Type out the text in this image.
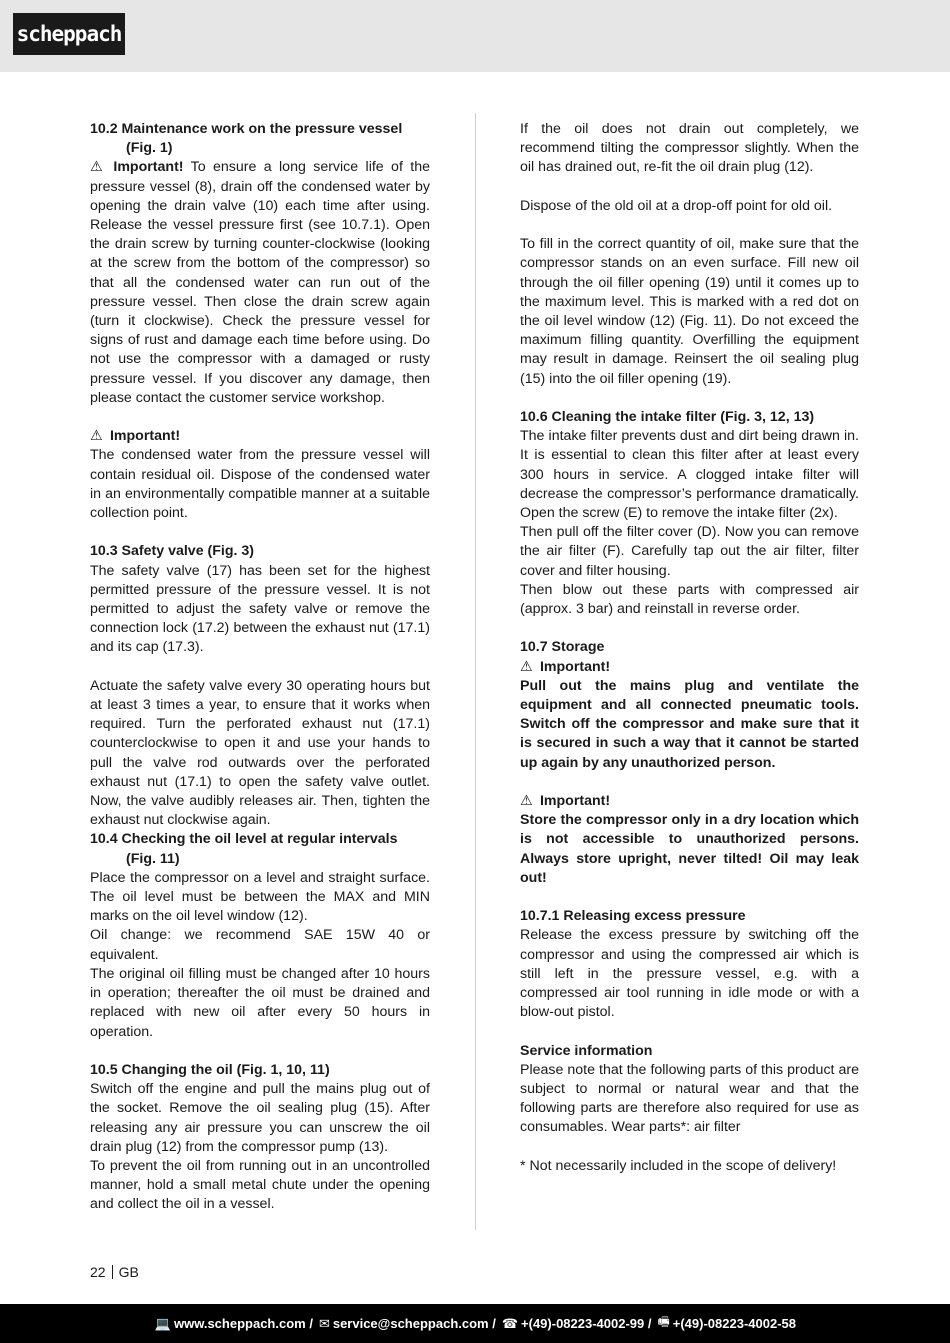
scheppach

10.2 Maintenance work on the pressure vessel

(Fig. 1)

⚠ Important! To ensure a long service life of the pressure vessel (8), drain off the condensed water by opening the drain valve (10) each time after using. Release the vessel pressure first (see 10.7.1). Open the drain screw by turning counter-clockwise (looking at the screw from the bottom of the compressor) so that all the condensed water can run out of the pressure vessel. Then close the drain screw again (turn it clockwise). Check the pressure vessel for signs of rust and damage each time before using. Do not use the compressor with a damaged or rusty pressure vessel. If you discover any damage, then please contact the customer service workshop.

⚠ Important!

The condensed water from the pressure vessel will contain residual oil. Dispose of the condensed water in an environmentally compatible manner at a suitable collection point.

10.3 Safety valve (Fig. 3)

The safety valve (17) has been set for the highest permitted pressure of the pressure vessel. It is not permitted to adjust the safety valve or remove the connection lock (17.2) between the exhaust nut (17.1) and its cap (17.3).

Actuate the safety valve every 30 operating hours but at least 3 times a year, to ensure that it works when required. Turn the perforated exhaust nut (17.1) counterclockwise to open it and use your hands to pull the valve rod outwards over the perforated exhaust nut (17.1) to open the safety valve outlet. Now, the valve audibly releases air. Then, tighten the exhaust nut clockwise again.

10.4 Checking the oil level at regular intervals

(Fig. 11)

Place the compressor on a level and straight surface. The oil level must be between the MAX and MIN marks on the oil level window (12).

Oil change: we recommend SAE 15W 40 or equivalent.

The original oil filling must be changed after 10 hours in operation; thereafter the oil must be drained and replaced with new oil after every 50 hours in operation.

10.5 Changing the oil (Fig. 1, 10, 11)

Switch off the engine and pull the mains plug out of the socket. Remove the oil sealing plug (15). After releasing any air pressure you can unscrew the oil drain plug (12) from the compressor pump (13).

To prevent the oil from running out in an uncontrolled manner, hold a small metal chute under the opening and collect the oil in a vessel.

If the oil does not drain out completely, we recommend tilting the compressor slightly. When the oil has drained out, re-fit the oil drain plug (12).

Dispose of the old oil at a drop-off point for old oil.

To fill in the correct quantity of oil, make sure that the compressor stands on an even surface. Fill new oil through the oil filler opening (19) until it comes up to the maximum level. This is marked with a red dot on the oil level window (12) (Fig. 11). Do not exceed the maximum filling quantity. Overfilling the equipment may result in damage. Reinsert the oil sealing plug (15) into the oil filler opening (19).

10.6 Cleaning the intake filter (Fig. 3, 12, 13)

The intake filter prevents dust and dirt being drawn in. It is essential to clean this filter after at least every 300 hours in service. A clogged intake filter will decrease the compressor’s performance dramatically. Open the screw (E) to remove the intake filter (2x).

Then pull off the filter cover (D). Now you can remove the air filter (F). Carefully tap out the air filter, filter cover and filter housing.

Then blow out these parts with compressed air (approx. 3 bar) and reinstall in reverse order.

10.7 Storage

⚠ Important!

Pull out the mains plug and ventilate the equipment and all connected pneumatic tools. Switch off the compressor and make sure that it is secured in such a way that it cannot be started up again by any unauthorized person.

⚠ Important!

Store the compressor only in a dry location which is not accessible to unauthorized persons. Always store upright, never tilted! Oil may leak out!

10.7.1 Releasing excess pressure

Release the excess pressure by switching off the compressor and using the compressed air which is still left in the pressure vessel, e.g. with a compressed air tool running in idle mode or with a blow-out pistol.

Service information

Please note that the following parts of this product are subject to normal or natural wear and that the following parts are therefore also required for use as consumables. Wear parts*: air filter

* Not necessarily included in the scope of delivery!

22 GB
💻 www.scheppach.com / ✉ service@scheppach.com / ☎ +(49)-08223-4002-99 / 🖷 +(49)-08223-4002-58
